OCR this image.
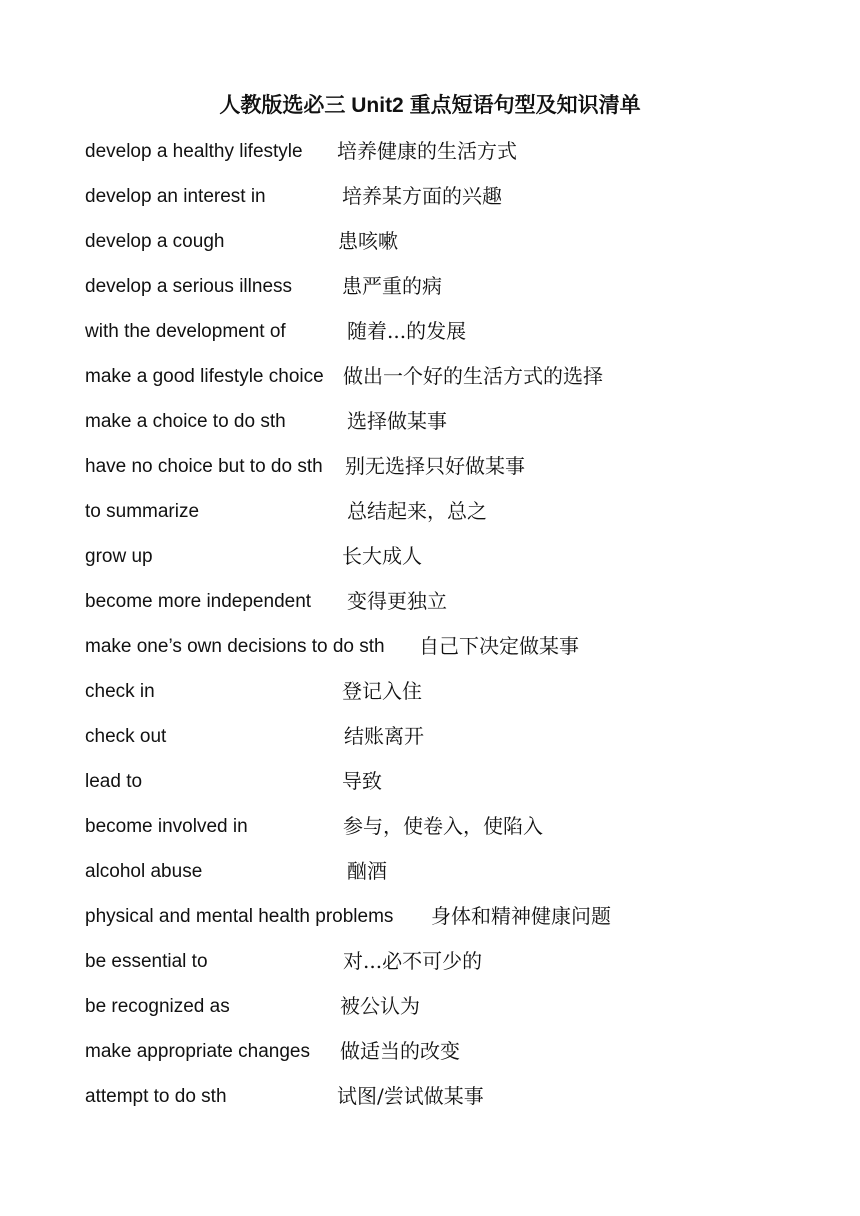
人教版选必三 Unit2 重点短语句型及知识清单
develop a healthy lifestyle 培养健康的生活方式
develop an interest in	培养某方面的兴趣
develop a cough	患咳嗽
develop a serious illness 患严重的病
with the development of	随着...的发展
make a good lifestyle choice 做出一个好的生活方式的选择
make a choice to do sth	选择做某事
have no choice but to do sth 别无选择只好做某事
to summarize	总结起来，总之
grow up	长大成人
become more independent 变得更独立
make one’s own decisions to do sth 自己下决定做某事
check in	登记入住
check out	结账离开
lead to	导致
become involved in	参与，使卷入，使陷入
alcohol abuse	酗酒
physical and mental health problems 身体和精神健康问题
be essential to	对...必不可少的
be recognized as	被公认为
make appropriate changes 做适当的改变
attempt to do sth	试图/尝试做某事
